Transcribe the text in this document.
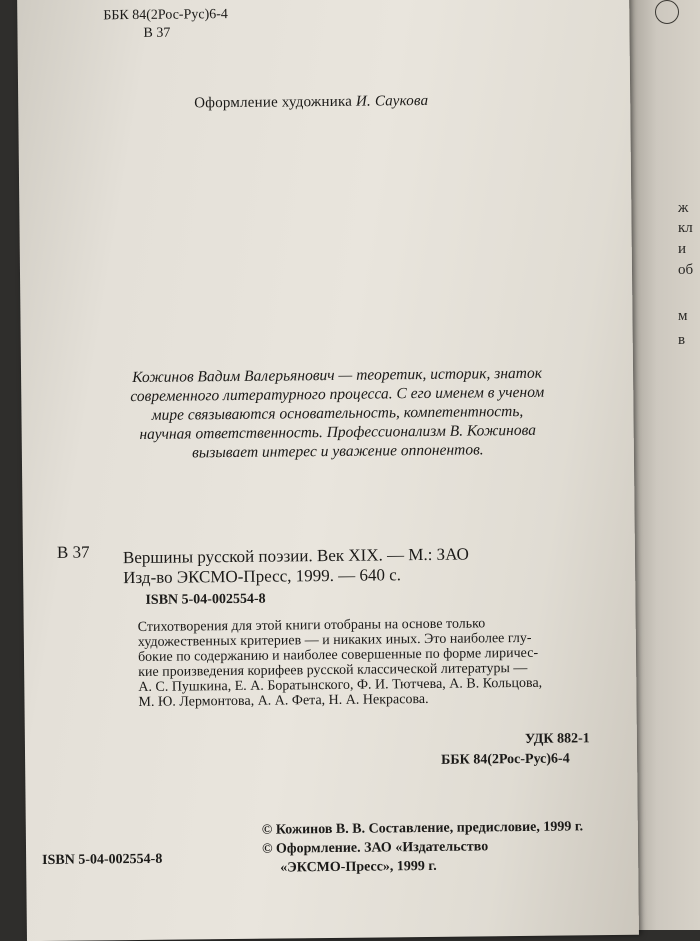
ж
кл
и
об
м
в
ББК 84(2Рос-Рус)6-4
В 37
Оформление художника И. Саукова
Кожинов Вадим Валерьянович — теоретик, историк, знаток
современного литературного процесса. С его именем в ученом
мире связываются основательность, компетентность,
научная ответственность. Профессионализм В. Кожинова
вызывает интерес и уважение оппонентов.
В 37 Вершины русской поэзии. Век XIX. — М.: ЗАО
Изд-во ЭКСМО-Пресс, 1999. — 640 с.
ISBN 5-04-002554-8
Стихотворения для этой книги отобраны на основе только
художественных критериев — и никаких иных. Это наиболее глу-
бокие по содержанию и наиболее совершенные по форме лиричес-
кие произведения корифеев русской классической литературы —
А. С. Пушкина, Е. А. Боратынского, Ф. И. Тютчева, А. В. Кольцова,
М. Ю. Лермонтова, А. А. Фета, Н. А. Некрасова.
УДК 882-1
ББК 84(2Рос-Рус)6-4
ISBN 5-04-002554-8
© Кожинов В. В. Составление, предисловие, 1999 г.
© Оформление. ЗАО «Издательство
«ЭКСМО-Пресс», 1999 г.
